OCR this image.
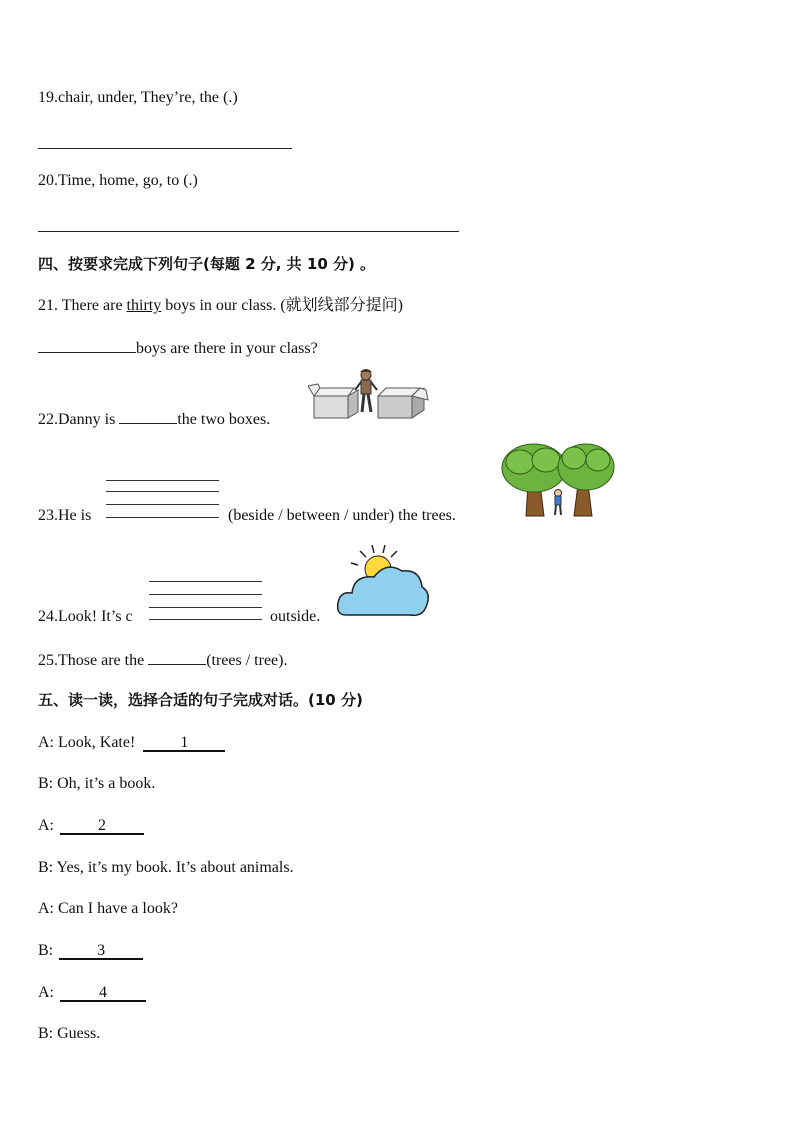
19.chair, under, They’re, the (.)
20.Time, home, go, to (.)
四、按要求完成下列句子(每题 2 分, 共 10 分) 。
21. There are thirty boys in our class. (就划线部分提问)
boys are there in your class?
22.Danny is	the two boxes.
23.He is	(beside / between / under) the trees.
24.Look! It’s c	outside.
25.Those are the	(trees / tree).
五、读一读，选择合适的句子完成对话。(10 分)
A: Look, Kate!	1
B: Oh, it’s a book.
A:	2
B: Yes, it’s my book. It’s about animals.
A: Can I have a look?
B:	3
A:	4
B: Guess.
